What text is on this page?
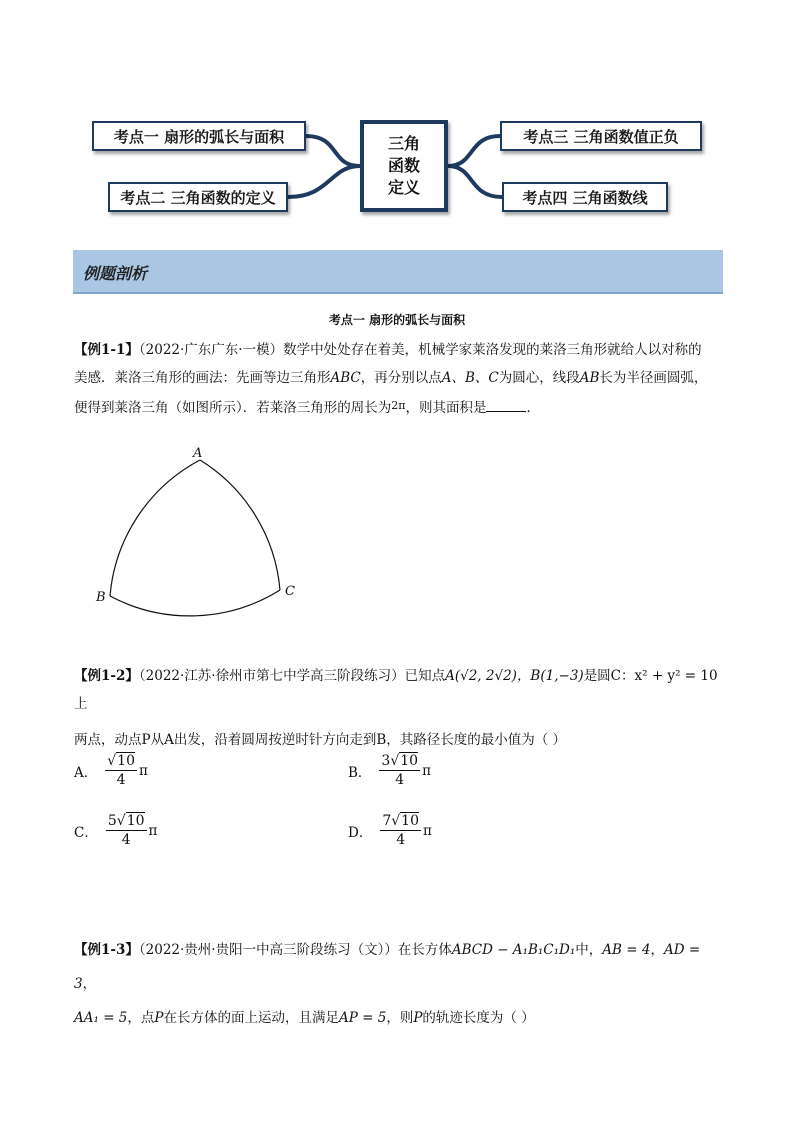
考点一 扇形的弧长与面积
考点二 三角函数的定义
考点三 三角函数值正负
考点四 三角函数线
三角
函数
定义
例题剖析
考点一 扇形的弧长与面积
【例1-1】（2022·广东广东·一模）数学中处处存在着美，机械学家莱洛发现的莱洛三角形就给人以对称的
美感．莱洛三角形的画法：先画等边三角形ABC，再分别以点A、B、C为圆心，线段AB长为半径画圆弧，
便得到莱洛三角（如图所示）．若莱洛三角形的周长为$^{2\pi}$，则其面积是	．
A
B	C
【例1-2】（2022·江苏·徐州市第七中学高三阶段练习）已知点A(√2, 2√2)，B(1,−3)是圆C：x² + y² = 10上
两点，动点P从A出发，沿着圆周按逆时针方向走到B，其路径长度的最小值为（ ）
A． $\frac{√10}{4}$ π	B． $\frac{3√10}{4}$ π
C． $\frac{5√10}{4}$ π	D． $\frac{7√10}{4}$ π
【例1-3】（2022·贵州·贵阳一中高三阶段练习（文））在长方体ABCD − A₁B₁C₁D₁中，AB = 4，AD = 3，
AA₁ = 5，点P在长方体的面上运动，且满足AP = 5，则P的轨迹长度为（ ）
